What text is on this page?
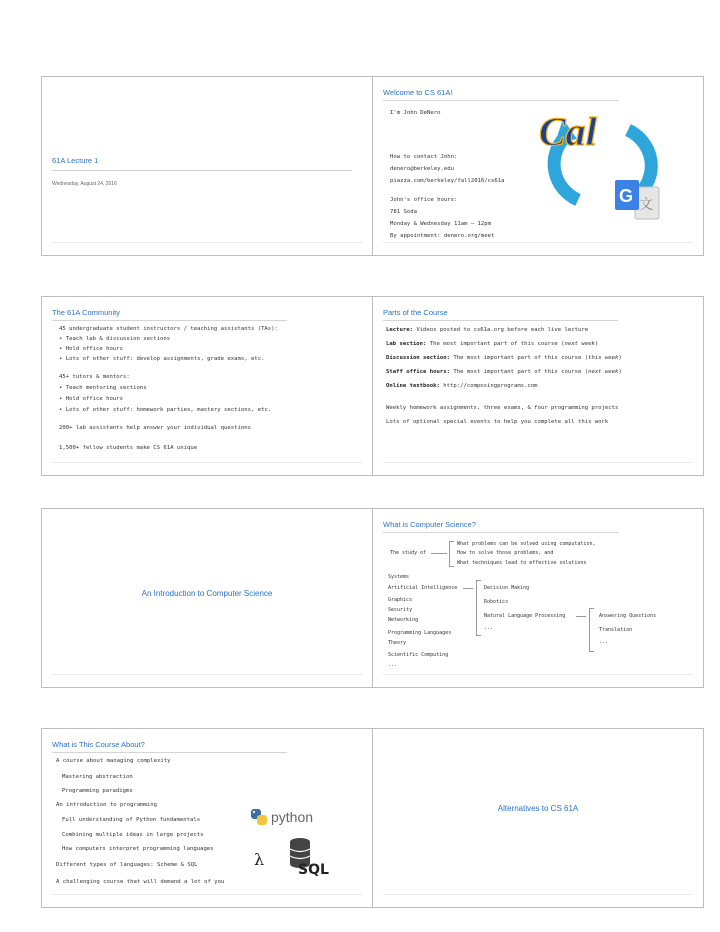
61A Lecture 1
Wednesday, August 24, 2016
Welcome to CS 61A!
I'm John DeNero
How to contact John:
denero@berkeley.edu
piazza.com/berkeley/fall2016/cs61a
John's office hours:
781 Soda
Monday & Wednesday 11am – 12pm
By appointment: denero.org/meet
Cal
文
G
The 61A Community
45 undergraduate student instructors / teaching assistants (TAs):
• Teach lab & discussion sections
• Hold office hours
• Lots of other stuff: develop assignments, grade exams, etc.
45+ tutors & mentors:
• Teach mentoring sections
• Hold office hours
• Lots of other stuff: homework parties, mastery sections, etc.
200+ lab assistants help answer your individual questions
1,500+ fellow students make CS 61A unique
Parts of the Course
Lecture: Videos posted to cs61a.org before each live lecture
Lab section: The most important part of this course (next week)
Discussion section: The most important part of this course (this week)
Staff office hours: The most important part of this course (next week)
Online textbook: http://composingprograms.com
Weekly homework assignments, three exams, & four programming projects
Lots of optional special events to help you complete all this work
An Introduction to Computer Science
What is Computer Science?
The study of
What problems can be solved using computation,
How to solve those problems, and
What techniques lead to effective solutions
Systems
Artificial Intelligence
Graphics
Security
Networking
Programming Languages
Theory
Scientific Computing
...
Decision Making
Robotics
Natural Language Processing
...
Answering Questions
Translation
...
What is This Course About?
A course about managing complexity
Mastering abstraction
Programming paradigms
An introduction to programming
Full understanding of Python fundamentals
Combining multiple ideas in large projects
How computers interpret programming languages
Different types of languages: Scheme & SQL
A challenging course that will demand a lot of you
python
λ
SQL
Alternatives to CS 61A
